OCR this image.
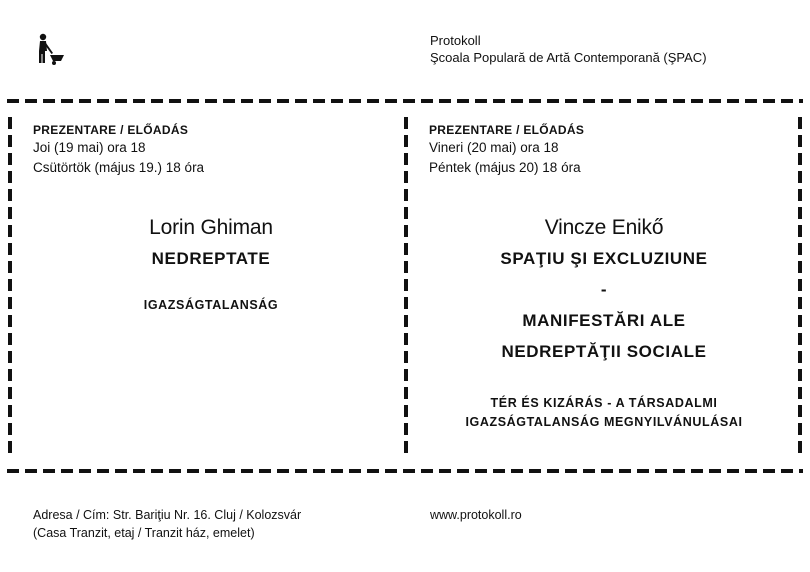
Protokoll
Şcoala Populară de Artă Contemporană (ŞPAC)

PREZENTARE / ELŐADÁS

Joi (19 mai) ora 18

Csütörtök (május 19.) 18 óra

Lorin Ghiman
NEDREPTATE
IGAZSÁGTALANSÁG

PREZENTARE / ELŐADÁS

Vineri (20 mai) ora 18

Péntek (május 20) 18 óra

Vincze Enikő
SPAŢIU ŞI EXCLUZIUNE
-
MANIFESTĂRI ALE
NEDREPTĂŢII SOCIALE
TÉR ÉS KIZÁRÁS - A TÁRSADALMI
IGAZSÁGTALANSÁG MEGNYILVÁNULÁSAI
Adresa / Cím: Str. Bariţiu Nr. 16. Cluj / Kolozsvár
(Casa Tranzit, etaj / Tranzit ház, emelet)
www.protokoll.ro
